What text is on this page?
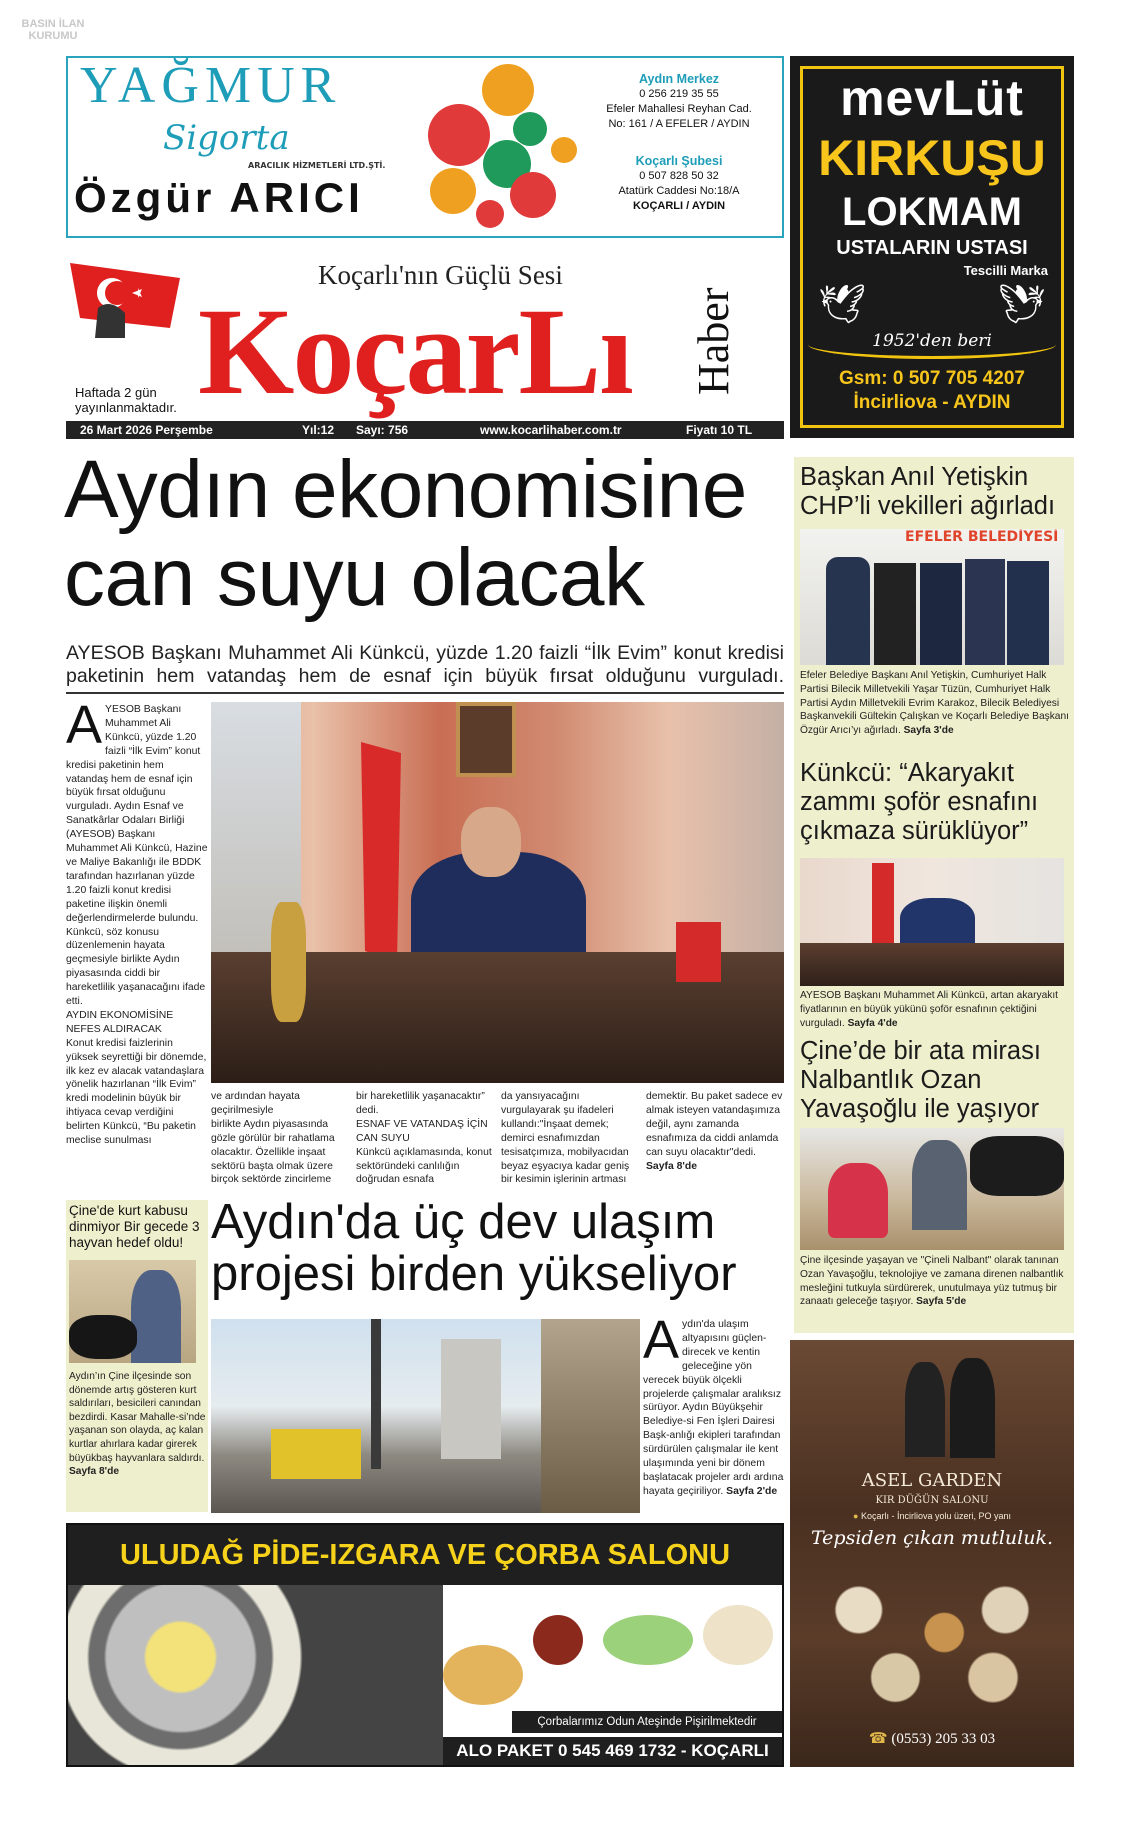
BASIN İLAN KURUMU
YAĞMUR
Sigorta
ARACILIK HİZMETLERİ LTD.ŞTİ.
Özgür ARICI
Aydın Merkez
0 256 219 35 55
Efeler Mahallesi Reyhan Cad.
No: 161 / A EFELER / AYDIN
Koçarlı Şubesi
0 507 828 50 32
Atatürk Caddesi No:18/A
KOÇARLI / AYDIN
mevLüt
KIRKUŞU
LOKMAM
USTALARIN USTASI
Tescilli Marka
🕊	🕊
1952'den beri
Gsm: 0 507 705 4207
İncirliova - AYDIN
Koçarlı'nın Güçlü Sesi
KoçarLı Haber
Haftada 2 gün
yayınlanmaktadır.
26 Mart 2026 Perşembe	Yıl:12 Sayı: 756	www.kocarlihaber.com.tr	Fiyatı 10 TL
Aydın ekonomisine
can suyu olacak
AYESOB Başkanı Muhammet Ali Künkcü, yüzde 1.20 faizli “İlk Evim” konut kredisi paketinin hem vatandaş hem de esnaf için büyük fırsat olduğunu vurguladı.
A YESOB Başkanı Muhammet Ali Künkcü, yüzde 1.20 faizli “İlk Evim” konut kredisi paketinin hem vatandaş hem de esnaf için büyük fırsat olduğunu vurguladı. Aydın Esnaf ve Sanatkârlar Odaları Birliği (AYESOB) Başkanı Muhammet Ali Künkcü, Hazine ve Maliye Bakanlığı ile BDDK tarafından hazırlanan yüzde 1.20 faizli konut kredisi paketine ilişkin önemli değerlendirmelerde bulundu. Künkcü, söz konusu düzenlemenin hayata geçmesiyle birlikte Aydın piyasasında ciddi bir hareketlilik yaşanacağını ifade etti.
AYDIN EKONOMİSİNE NEFES ALDIRACAK
Konut kredisi faizlerinin yüksek seyrettiği bir dönemde, ilk kez ev alacak vatandaşlara yönelik hazırlanan “İlk Evim” kredi modelinin büyük bir ihtiyaca cevap verdiğini belirten Künkcü, “Bu paketin meclise sunulması
ve ardından hayata geçirilmesiyle
birlikte Aydın piyasasında gözle görülür bir rahatlama olacaktır. Özellikle inşaat sektörü başta olmak üzere birçok sektörde zincirleme
bir hareketlilik yaşanacaktır” dedi.
ESNAF VE VATANDAŞ İÇİN CAN SUYU
Künkcü açıklamasında, konut sektöründeki canlılığın doğrudan esnafa
da yansıyacağını vurgulayarak şu ifadeleri kullandı:"İnşaat demek; demirci esnafımızdan tesisatçımıza, mobilyacıdan beyaz eşyacıya kadar geniş bir kesimin işlerinin artması
demektir. Bu paket sadece ev almak isteyen vatandaşımıza değil, aynı zamanda esnafımıza da ciddi anlamda can suyu olacaktır"dedi. Sayfa 8'de
Başkan Anıl Yetişkin CHP’li vekilleri ağırladı
EFELER BELEDİYESİ
Efeler Belediye Başkanı Anıl Yetişkin, Cumhuriyet Halk Partisi Bilecik Milletvekili Yaşar Tüzün, Cumhuriyet Halk Partisi Aydın Milletvekili Evrim Karakoz, Bilecik Belediyesi Başkanvekili Gültekin Çalışkan ve Koçarlı Belediye Başkanı Özgür Arıcı’yı ağırladı. Sayfa 3'de
Künkcü: “Akaryakıt zammı şoför esnafını çıkmaza sürüklüyor”
AYESOB Başkanı Muhammet Ali Künkcü, artan akaryakıt fiyatlarının en büyük yükünü şoför esnafının çektiğini vurguladı. Sayfa 4'de
Çine’de bir ata mirası Nalbantlık Ozan Yavaşoğlu ile yaşıyor
Çine ilçesinde yaşayan ve "Çineli Nalbant" olarak tanınan Ozan Yavaşoğlu, teknolojiye ve zamana direnen nalbantlık mesleğini tutkuyla sürdürerek, unutulmaya yüz tutmuş bir zanaatı geleceğe taşıyor. Sayfa 5'de
Çine'de kurt kabusu dinmiyor Bir gecede 3 hayvan hedef oldu!
Aydın’ın Çine ilçesinde son dönemde artış gösteren kurt saldırıları, besicileri canından bezdirdi. Kasar Mahalle-si’nde yaşanan son olayda, aç kalan kurtlar ahırlara kadar girerek büyükbaş hayvanlara saldırdı. Sayfa 8'de
Aydın'da üç dev ulaşım projesi birden yükseliyor
A ydın'da ulaşım altyapısını güçlen-direcek ve kentin geleceğine yön verecek büyük ölçekli projelerde çalışmalar aralıksız sürüyor. Aydın Büyükşehir Belediye-si Fen İşleri Dairesi Başk-anlığı ekipleri tarafından sürdürülen çalışmalar ile kent ulaşımında yeni bir dönem başlatacak projeler ardı ardına hayata geçiriliyor. Sayfa 2'de
ULUDAĞ PİDE-IZGARA VE ÇORBA SALONU
Çorbalarımız Odun Ateşinde Pişirilmektedir
ALO PAKET 0 545 469 1732 - KOÇARLI
ASEL GARDEN
KIR DÜĞÜN SALONU
● Koçarlı - İncirliova yolu üzeri, PO yanı
Tepsiden çıkan mutluluk.
☎ (0553) 205 33 03
